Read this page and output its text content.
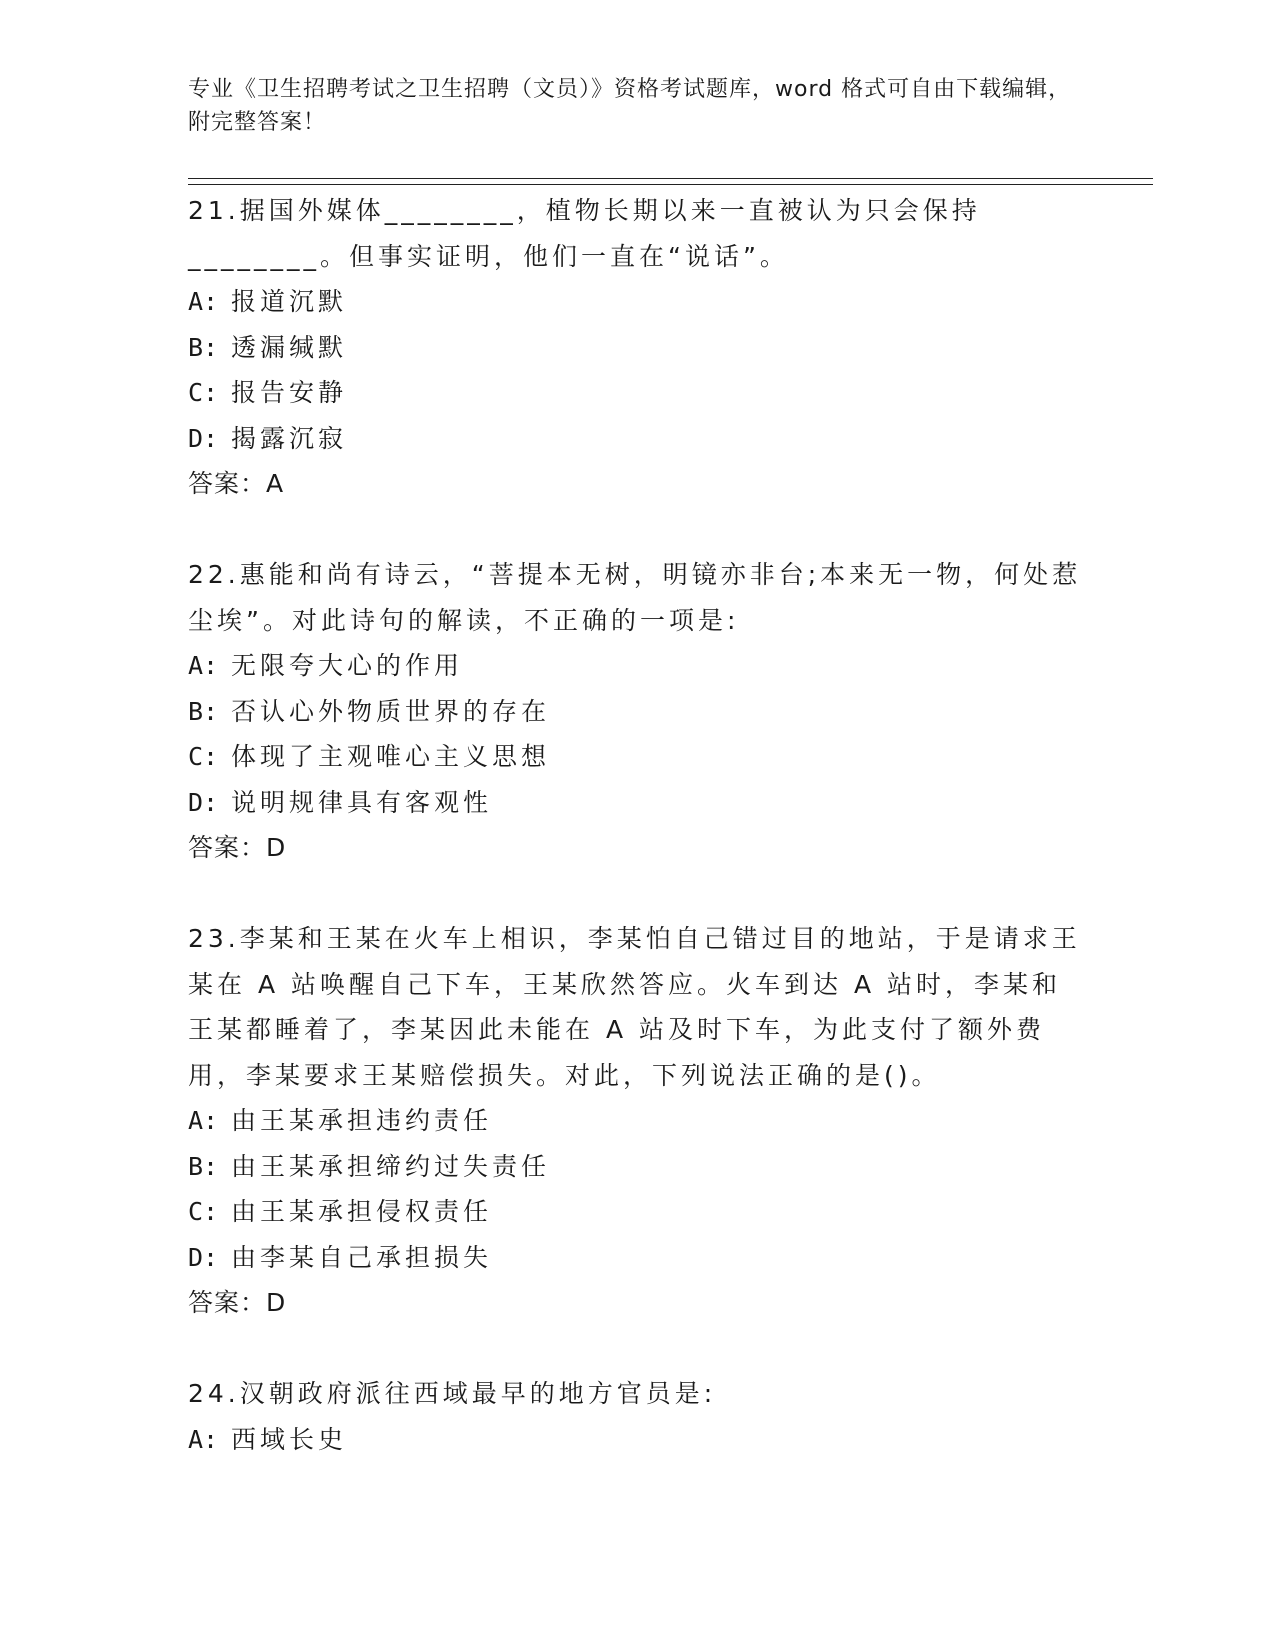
专业《卫生招聘考试之卫生招聘（文员）》资格考试题库，word 格式可自由下载编辑，附完整答案！

21.据国外媒体________，植物长期以来一直被认为只会保持________。但事实证明，他们一直在“说话”。

A: 报道沉默
B: 透漏缄默
C: 报告安静
D: 揭露沉寂
答案：A

22.惠能和尚有诗云，“菩提本无树，明镜亦非台;本来无一物，何处惹尘埃”。对此诗句的解读，不正确的一项是:

A: 无限夸大心的作用
B: 否认心外物质世界的存在
C: 体现了主观唯心主义思想
D: 说明规律具有客观性
答案：D

23.李某和王某在火车上相识，李某怕自己错过目的地站，于是请求王某在 A 站唤醒自己下车，王某欣然答应。火车到达 A 站时，李某和王某都睡着了，李某因此未能在 A 站及时下车，为此支付了额外费用，李某要求王某赔偿损失。对此，下列说法正确的是()。

A: 由王某承担违约责任
B: 由王某承担缔约过失责任
C: 由王某承担侵权责任
D: 由李某自己承担损失
答案：D

24.汉朝政府派往西域最早的地方官员是:

A: 西域长史
